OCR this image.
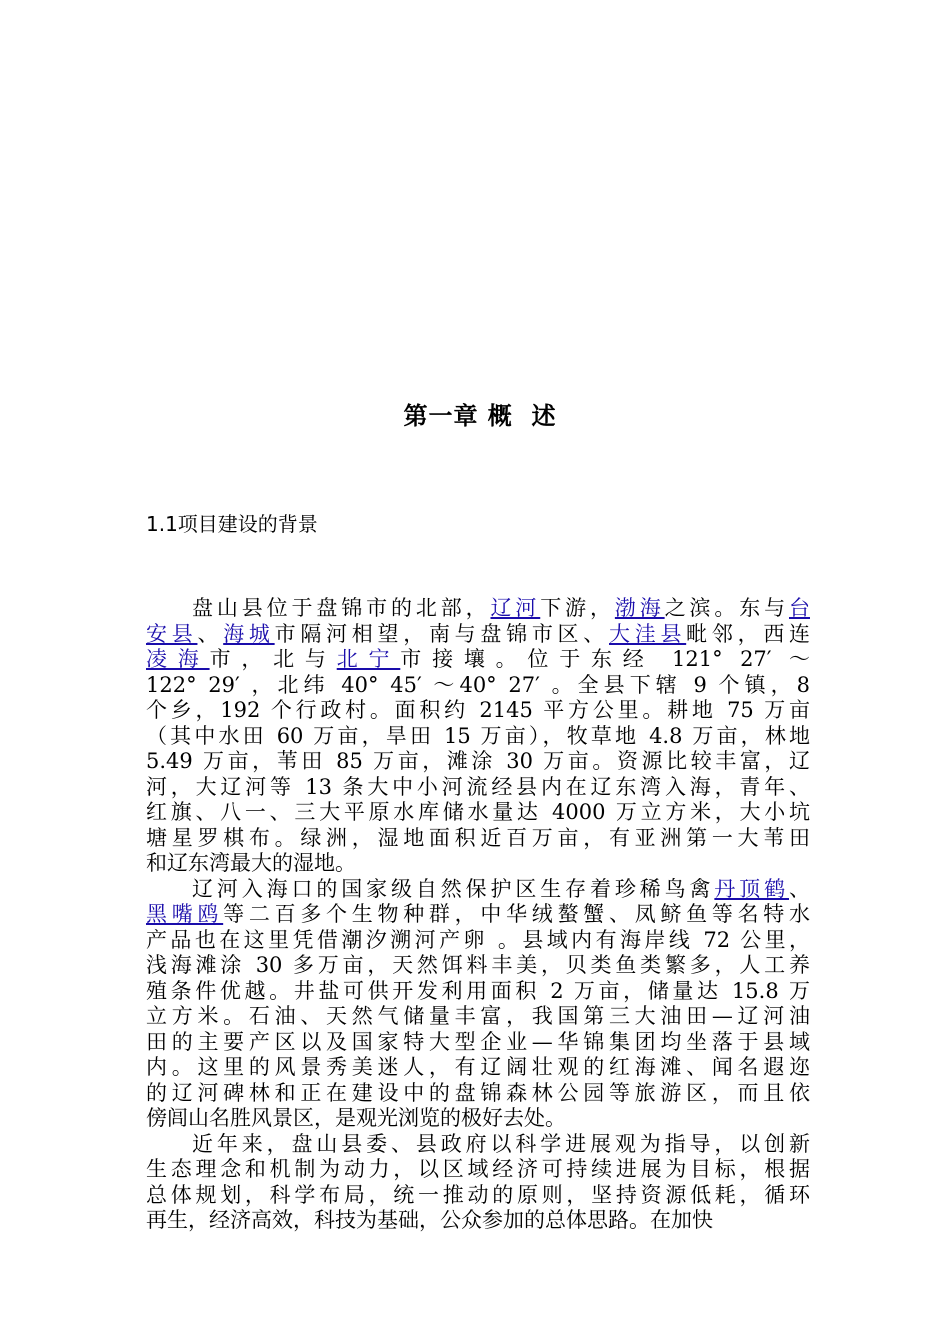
第一章 概  述
1.1项目建设的背景
盘山县位于盘锦市的北部，辽河下游，渤海之滨。东与台
安县、海城市隔河相望，南与盘锦市区、大洼县毗邻，西连
凌海市，北与北宁市接壤。位于东经 121° 27′ ～
122° 29′ ，北纬 40° 45′ ～40° 27′ 。全县下辖 9 个镇，8
个乡，192 个行政村。面积约 2145 平方公里。耕地 75 万亩
（其中水田 60 万亩，旱田 15 万亩），牧草地 4.8 万亩，林地
5.49 万亩，苇田 85 万亩，滩涂 30 万亩。资源比较丰富，辽
河，大辽河等 13 条大中小河流经县内在辽东湾入海，青年、
红旗、八一、三大平原水库储水量达 4000 万立方米，大小坑
塘星罗棋布。绿洲，湿地面积近百万亩，有亚洲第一大苇田
和辽东湾最大的湿地。
辽河入海口的国家级自然保护区生存着珍稀鸟禽丹顶鹤、
黑嘴鸥等二百多个生物种群，中华绒螯蟹、凤鲚鱼等名特水
产品也在这里凭借潮汐溯河产卵 。县域内有海岸线 72 公里，
浅海滩涂 30 多万亩，天然饵料丰美，贝类鱼类繁多，人工养
殖条件优越。井盐可供开发利用面积 2 万亩，储量达 15.8 万
立方米。石油、天然气储量丰富，我国第三大油田—辽河油
田的主要产区以及国家特大型企业—华锦集团均坐落于县域
内。这里的风景秀美迷人，有辽阔壮观的红海滩、闻名遐迩
的辽河碑林和正在建设中的盘锦森林公园等旅游区，而且依
傍闾山名胜风景区，是观光浏览的极好去处。
近年来，盘山县委、县政府以科学进展观为指导，以创新
生态理念和机制为动力，以区域经济可持续进展为目标，根据
总体规划，科学布局，统一推动的原则，坚持资源低耗，循环
再生，经济高效，科技为基础，公众参加的总体思路。在加快
